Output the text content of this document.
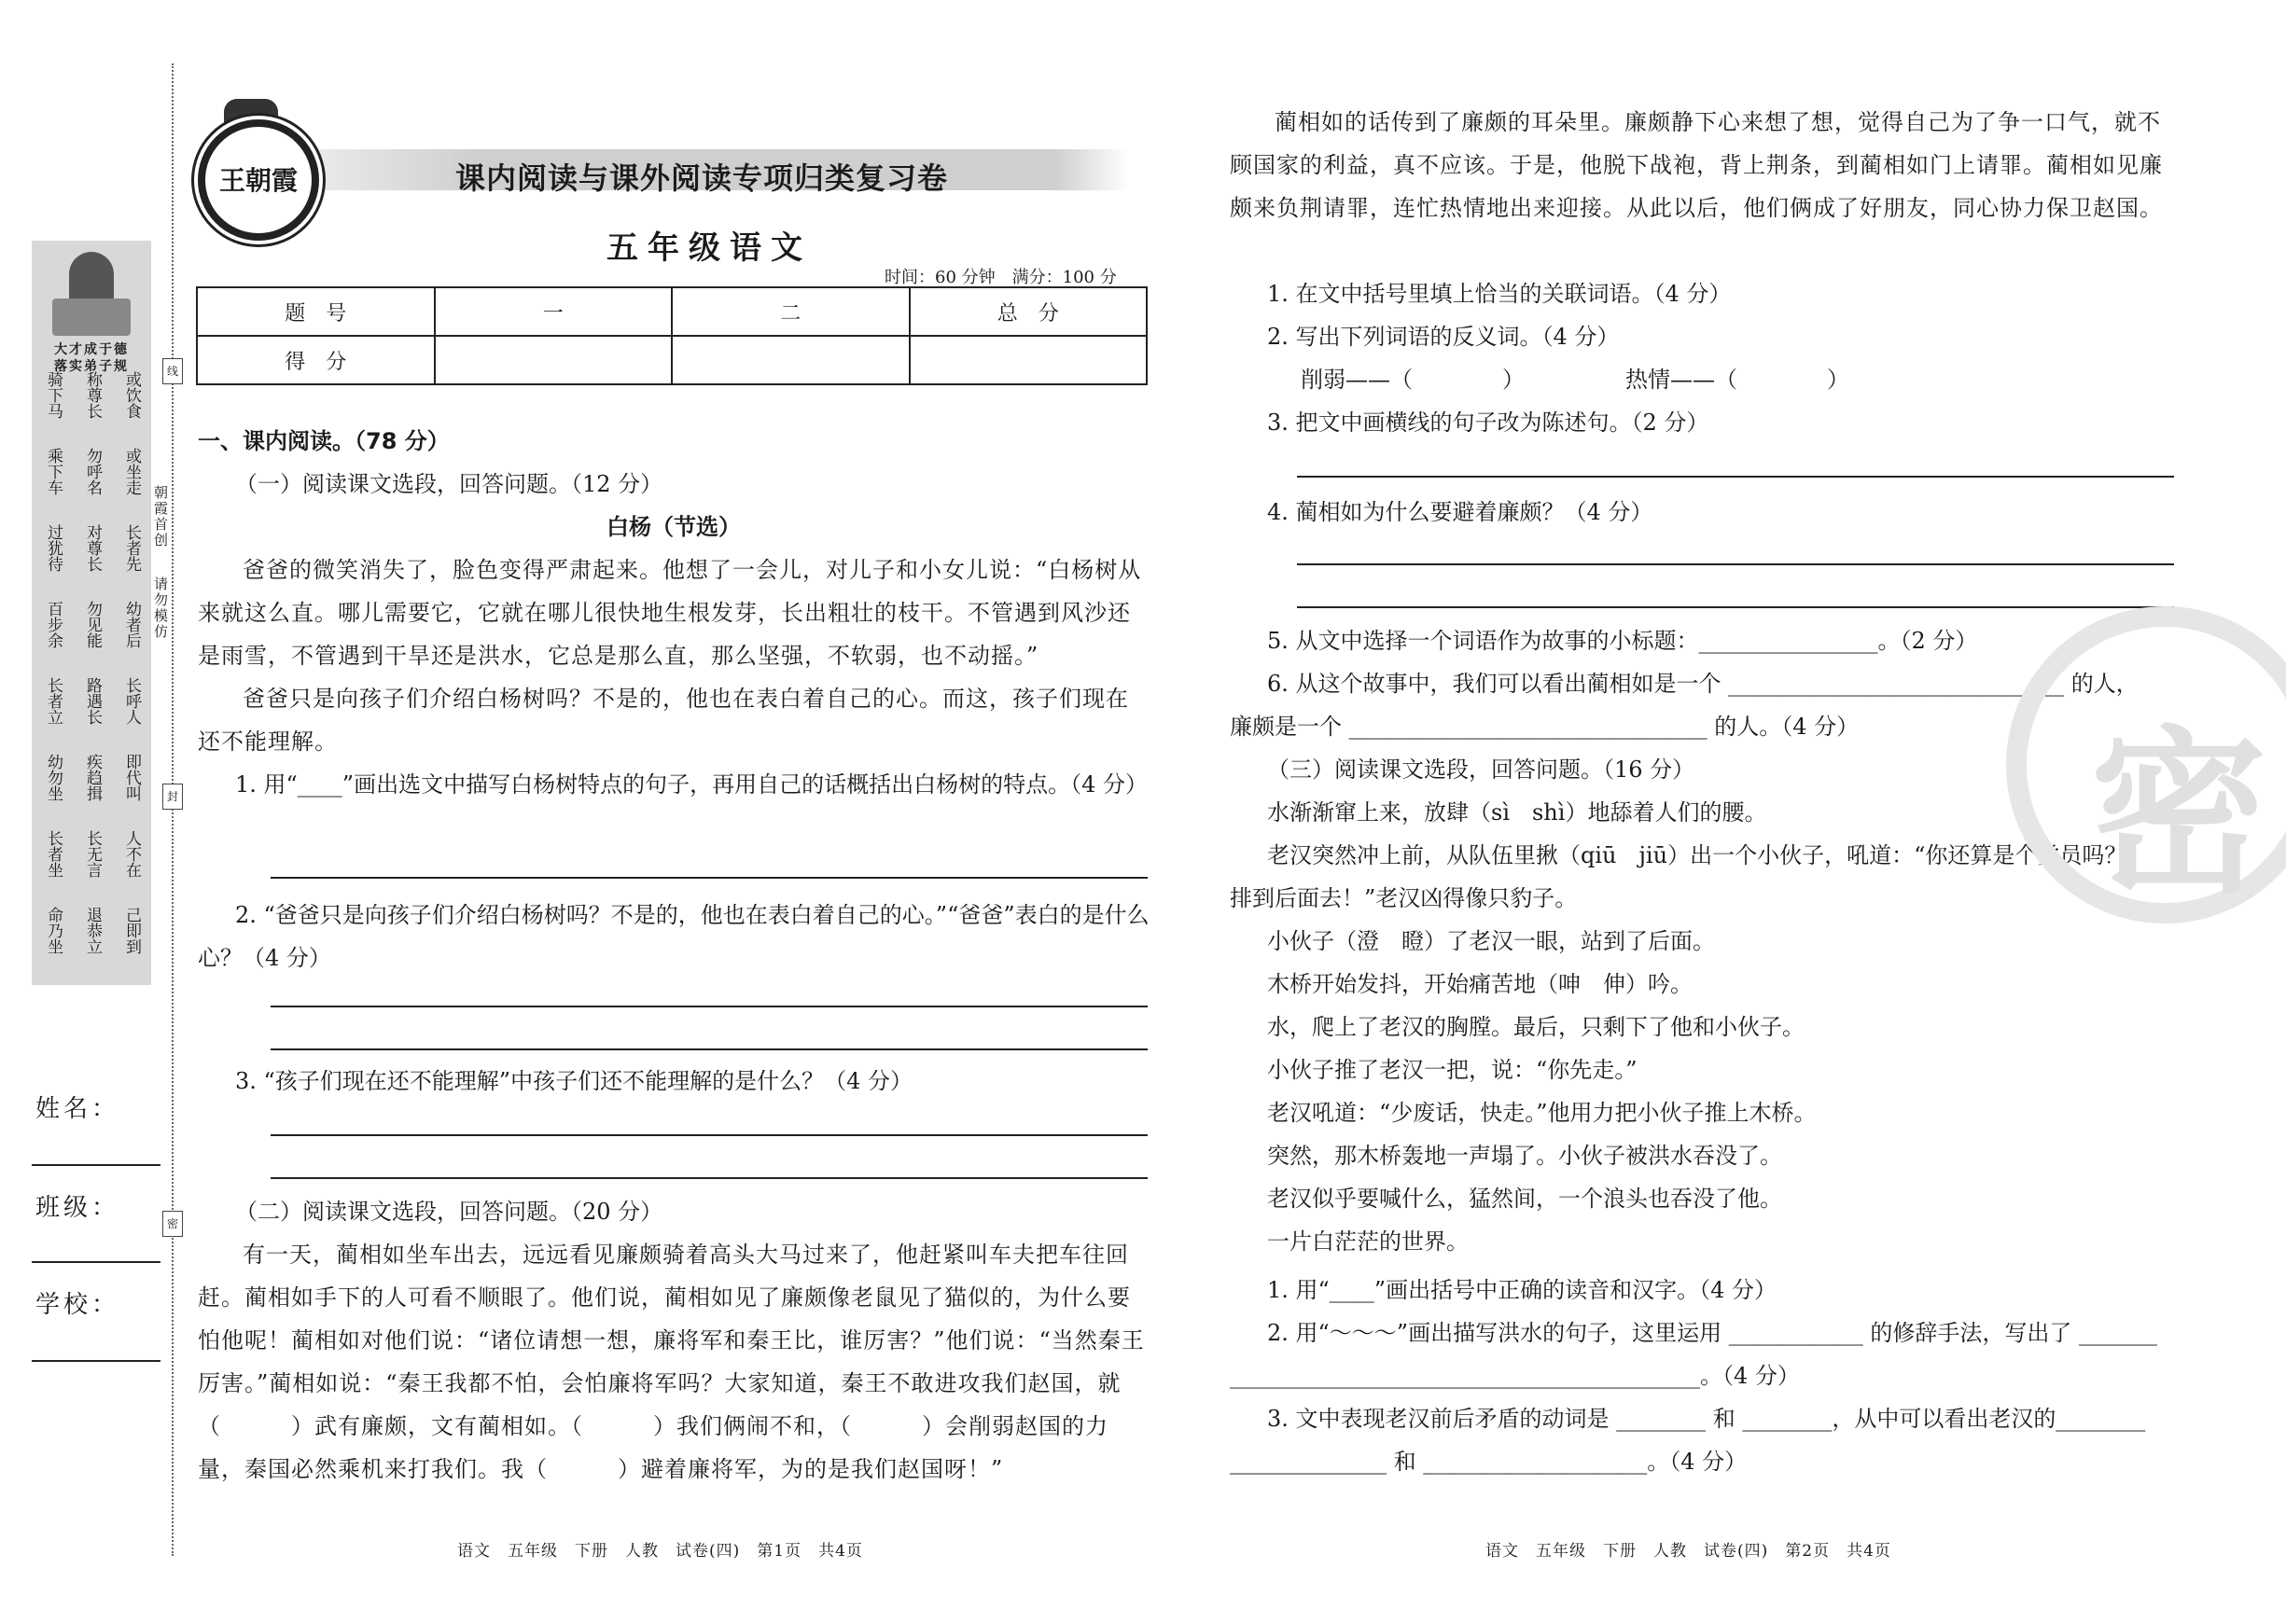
大才成于德
落实弟子规
骑下马 称尊长 或饮食
乘下车 勿呼名 或坐走
过犹待 对尊长 长者先
百步余 勿见能 幼者后
长者立 路遇长 长呼人
幼勿坐 疾趋揖 即代叫
长者坐 长无言 人不在
命乃坐 退恭立 己即到
线
封
密
朝霞首创
请勿模仿
姓名：
班级：
学校：
王朝霞	课内阅读与课外阅读专项归类复习卷
五年级语文
时间：60 分钟　满分：100 分
题　号	一	二	总　分
得　分			
一、课内阅读。（78 分）
（一）阅读课文选段，回答问题。（12 分）
白杨（节选）
爸爸的微笑消失了，脸色变得严肃起来。他想了一会儿，对儿子和小女儿说：“白杨树从来就这么直。哪儿需要它，它就在哪儿很快地生根发芽，长出粗壮的枝干。不管遇到风沙还是雨雪，不管遇到干旱还是洪水，它总是那么直，那么坚强，不软弱，也不动摇。”
爸爸只是向孩子们介绍白杨树吗？不是的，他也在表白着自己的心。而这，孩子们现在还不能理解。
1. 用“____”画出选文中描写白杨树特点的句子，再用自己的话概括出白杨树的特点。（4 分）
2. “爸爸只是向孩子们介绍白杨树吗？不是的，他也在表白着自己的心。”“爸爸”表白的是什么心？（4 分）
3. “孩子们现在还不能理解”中孩子们还不能理解的是什么？（4 分）
（二）阅读课文选段，回答问题。（20 分）
有一天，蔺相如坐车出去，远远看见廉颇骑着高头大马过来了，他赶紧叫车夫把车往回赶。蔺相如手下的人可看不顺眼了。他们说，蔺相如见了廉颇像老鼠见了猫似的，为什么要怕他呢！蔺相如对他们说：“诸位请想一想，廉将军和秦王比，谁厉害？”他们说：“当然秦王厉害。”蔺相如说：“秦王我都不怕，会怕廉将军吗？大家知道，秦王不敢进攻我们赵国，就（　　　）武有廉颇，文有蔺相如。（　　　）我们俩闹不和，（　　　）会削弱赵国的力量，秦国必然乘机来打我们。我（　　　）避着廉将军，为的是我们赵国呀！”
语文　五年级　下册　人教　试卷(四)　第1页　共4页
蔺相如的话传到了廉颇的耳朵里。廉颇静下心来想了想，觉得自己为了争一口气，就不顾国家的利益，真不应该。于是，他脱下战袍，背上荆条，到蔺相如门上请罪。蔺相如见廉颇来负荆请罪，连忙热情地出来迎接。从此以后，他们俩成了好朋友，同心协力保卫赵国。
1. 在文中括号里填上恰当的关联词语。（4 分）
2. 写出下列词语的反义词。（4 分）
削弱——（　　　　）　　　　　热情——（　　　　）
3. 把文中画横线的句子改为陈述句。（2 分）
4. 蔺相如为什么要避着廉颇？（4 分）
5. 从文中选择一个词语作为故事的小标题：________________。（2 分）
6. 从这个故事中，我们可以看出蔺相如是一个 ______________________________ 的人，
廉颇是一个 ________________________________ 的人。（4 分）
（三）阅读课文选段，回答问题。（16 分）
水渐渐窜上来，放肆（sì　shì）地舔着人们的腰。
老汉突然冲上前，从队伍里揪（qiū　jiū）出一个小伙子，吼道：“你还算是个党员吗？
排到后面去！”老汉凶得像只豹子。
小伙子（澄　瞪）了老汉一眼，站到了后面。
木桥开始发抖，开始痛苦地（呻　伸）吟。
水，爬上了老汉的胸膛。最后，只剩下了他和小伙子。
小伙子推了老汉一把，说：“你先走。”
老汉吼道：“少废话，快走。”他用力把小伙子推上木桥。
突然，那木桥轰地一声塌了。小伙子被洪水吞没了。
老汉似乎要喊什么，猛然间，一个浪头也吞没了他。
一片白茫茫的世界。
1. 用“____”画出括号中正确的读音和汉字。（4 分）
2. 用“～～～”画出描写洪水的句子，这里运用 ____________ 的修辞手法，写出了 _______
__________________________________________。（4 分）
3. 文中表现老汉前后矛盾的动词是 ________ 和 ________，从中可以看出老汉的________
______________ 和 ____________________。（4 分）
语文　五年级　下册　人教　试卷(四)　第2页　共4页
密
